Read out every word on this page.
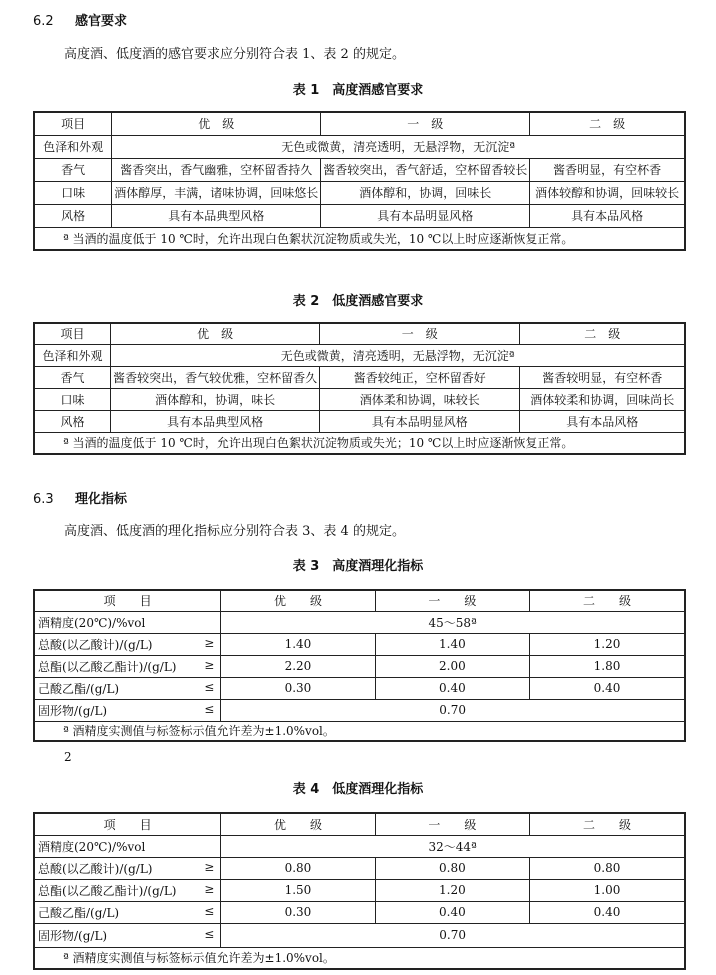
6.2 感官要求
高度酒、低度酒的感官要求应分别符合表 1、表 2 的规定。
表 1　高度酒感官要求
项目	优　级	一　级	二　级
色泽和外观	无色或微黄，清亮透明，无悬浮物，无沉淀ª		
香气	酱香突出，香气幽雅，空杯留香持久	酱香较突出，香气舒适，空杯留香较长	酱香明显，有空杯香
口味	酒体醇厚，丰满，诸味协调，回味悠长	酒体醇和，协调，回味长	酒体较醇和协调，回味较长
风格	具有本品典型风格	具有本品明显风格	具有本品风格
ª 当酒的温度低于 10 ℃时，允许出现白色絮状沉淀物质或失光，10 ℃以上时应逐渐恢复正常。			
表 2　低度酒感官要求
项目	优　级	一　级	二　级
色泽和外观	无色或微黄，清亮透明，无悬浮物，无沉淀ª		
香气	酱香较突出，香气较优雅，空杯留香久	酱香较纯正，空杯留香好	酱香较明显，有空杯香
口味	酒体醇和，协调，味长	酒体柔和协调，味较长	酒体较柔和协调，回味尚长
风格	具有本品典型风格	具有本品明显风格	具有本品风格
ª 当酒的温度低于 10 ℃时，允许出现白色絮状沉淀物质或失光；10 ℃以上时应逐渐恢复正常。			
6.3 理化指标
高度酒、低度酒的理化指标应分别符合表 3、表 4 的规定。
表 3　高度酒理化指标
项　　目	优　　级	一　　级	二　　级
酒精度(20℃)/%vol	45～58ª		
总酸(以乙酸计)/(g/L) ≥	1.40	1.40	1.20
总酯(以乙酸乙酯计)/(g/L) ≥	2.20	2.00	1.80
己酸乙酯/(g/L) ≤	0.30	0.40	0.40
固形物/(g/L) ≤	0.70		
ª 酒精度实测值与标签标示值允许差为±1.0%vol。			
2
表 4　低度酒理化指标
项　　目	优　　级	一　　级	二　　级
酒精度(20℃)/%vol	32～44ª		
总酸(以乙酸计)/(g/L) ≥	0.80	0.80	0.80
总酯(以乙酸乙酯计)/(g/L) ≥	1.50	1.20	1.00
己酸乙酯/(g/L) ≤	0.30	0.40	0.40
固形物/(g/L) ≤	0.70		
ª 酒精度实测值与标签标示值允许差为±1.0%vol。			
